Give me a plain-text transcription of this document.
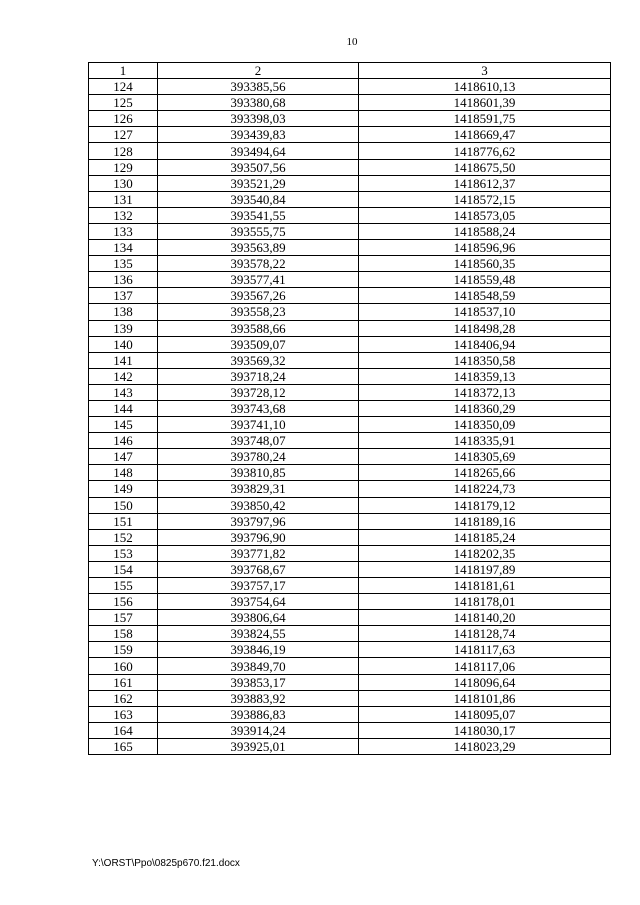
10
1	2	3
124	393385,56	1418610,13
125	393380,68	1418601,39
126	393398,03	1418591,75
127	393439,83	1418669,47
128	393494,64	1418776,62
129	393507,56	1418675,50
130	393521,29	1418612,37
131	393540,84	1418572,15
132	393541,55	1418573,05
133	393555,75	1418588,24
134	393563,89	1418596,96
135	393578,22	1418560,35
136	393577,41	1418559,48
137	393567,26	1418548,59
138	393558,23	1418537,10
139	393588,66	1418498,28
140	393509,07	1418406,94
141	393569,32	1418350,58
142	393718,24	1418359,13
143	393728,12	1418372,13
144	393743,68	1418360,29
145	393741,10	1418350,09
146	393748,07	1418335,91
147	393780,24	1418305,69
148	393810,85	1418265,66
149	393829,31	1418224,73
150	393850,42	1418179,12
151	393797,96	1418189,16
152	393796,90	1418185,24
153	393771,82	1418202,35
154	393768,67	1418197,89
155	393757,17	1418181,61
156	393754,64	1418178,01
157	393806,64	1418140,20
158	393824,55	1418128,74
159	393846,19	1418117,63
160	393849,70	1418117,06
161	393853,17	1418096,64
162	393883,92	1418101,86
163	393886,83	1418095,07
164	393914,24	1418030,17
165	393925,01	1418023,29
Y:\ORST\Ppo\0825p670.f21.docx
